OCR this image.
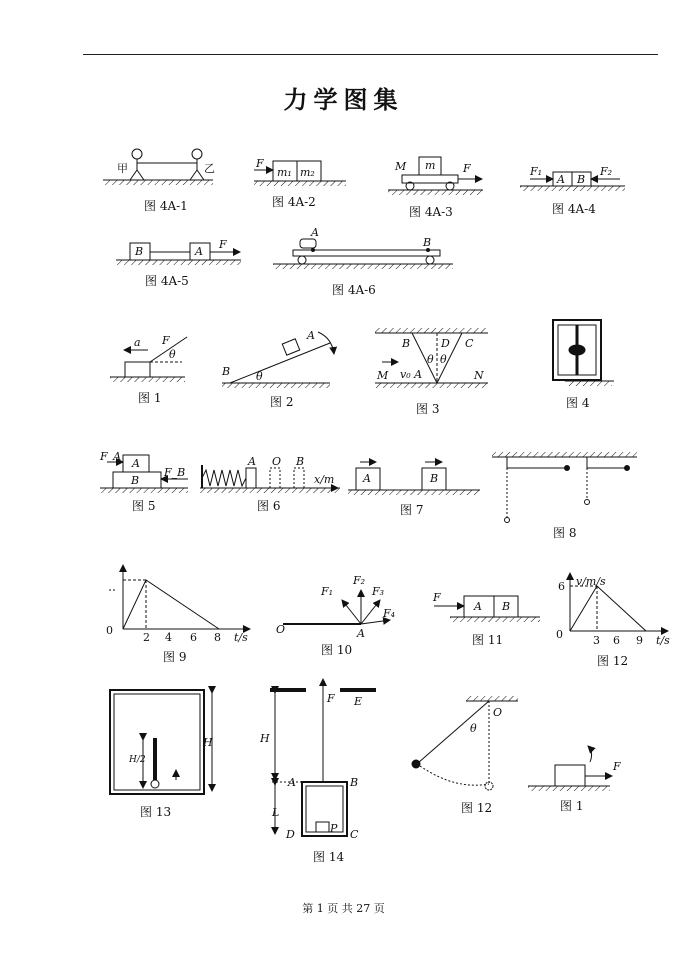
力学图集
图 4A-1	图 4A-2
图 4A-3	图 4A-4
图 4A-5
图 4A-6
图 1	图 2	图 3	图 4
图 5	图 6	图 7
图 8
图 9	图 10
图 11
图 12
图 13
图 14
图 12	图 1
甲	乙	F
m₁ m₂	M m	F	F₁
A B
F₂
B	A
F
A
B
a F
θ
A
B θ
B	D C
θ θ
M v₀ A	N
F_A
A
B
F_B
A O B
x/m	A	B
0
2 4 6 8 t/s
O	A
F₁
F₂
F₃
F₄
F
A B
v/m/s
6
0	3 6 9 t/s
H
H/2
F E
H
A	B
L
D	P C
O
θ
F
第 1 页 共 27 页
